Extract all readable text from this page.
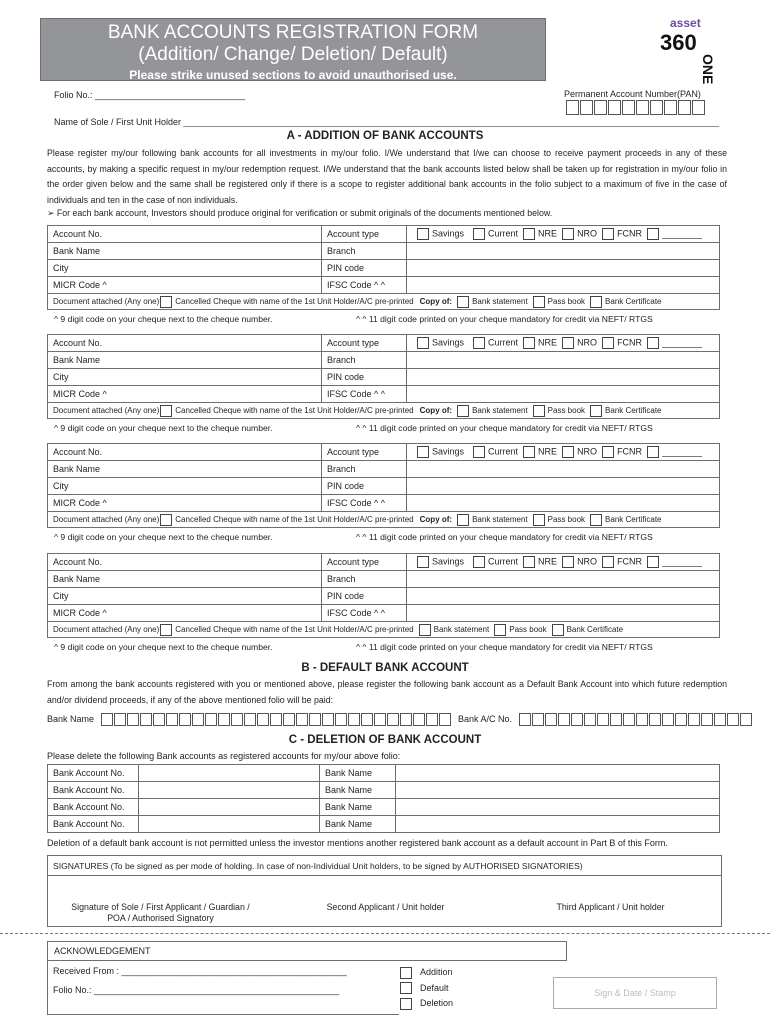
BANK ACCOUNTS REGISTRATION FORM
(Addition/ Change/ Deletion/ Default)
Please strike unused sections to avoid unauthorised use.
asset
360
ONE
Folio No.: ______________________________	Permanent Account Number(PAN)
Name of Sole / First Unit Holder ___________________________________________________________________________________________________________
A - ADDITION OF BANK ACCOUNTS
Please register my/our following bank accounts for all investments in my/our folio. I/We understand that I/we can choose to receive payment proceeds in any of these accounts, by making a specific request in my/our redemption request. I/We understand that the bank accounts listed below shall be taken up for registration in my/our folio in the order given below and the same shall be registered only if there is a scope to register additional bank accounts in the folio subject to a maximum of five in the case of individuals and ten in the case of non individuals.
➢ For each bank account, Investors should produce original for verification or submit originals of the documents mentioned below.
Account No.	Account type	Savings Current NRE NRO FCNR ________
Bank Name	Branch	
City	PIN code	
MICR Code ^	IFSC Code ^ ^	
Document attached (Any one) Cancelled Cheque with name of the 1st Unit Holder/A/C pre-printed Copy of:	Bank statement	Pass book	Bank Certificate
^ 9 digit code on your cheque next to the cheque number.	^ ^ 11 digit code printed on your cheque mandatory for credit via NEFT/ RTGS
Account No.	Account type	Savings Current NRE NRO FCNR ________
Bank Name	Branch	
City	PIN code	
MICR Code ^	IFSC Code ^ ^	
Document attached (Any one) Cancelled Cheque with name of the 1st Unit Holder/A/C pre-printed Copy of:	Bank statement	Pass book	Bank Certificate
^ 9 digit code on your cheque next to the cheque number.	^ ^ 11 digit code printed on your cheque mandatory for credit via NEFT/ RTGS
Account No.	Account type	Savings Current NRE NRO FCNR ________
Bank Name	Branch	
City	PIN code	
MICR Code ^	IFSC Code ^ ^	
Document attached (Any one) Cancelled Cheque with name of the 1st Unit Holder/A/C pre-printed Copy of:	Bank statement	Pass book	Bank Certificate
^ 9 digit code on your cheque next to the cheque number.	^ ^ 11 digit code printed on your cheque mandatory for credit via NEFT/ RTGS
Account No.	Account type	Savings Current NRE NRO FCNR ________
Bank Name	Branch	
City	PIN code	
MICR Code ^	IFSC Code ^ ^	
Document attached (Any one) Cancelled Cheque with name of the 1st Unit Holder/A/C pre-printed	Bank statement	Pass book	Bank Certificate
^ 9 digit code on your cheque next to the cheque number.	^ ^ 11 digit code printed on your cheque mandatory for credit via NEFT/ RTGS
B - DEFAULT BANK ACCOUNT
From among the bank accounts registered with you or mentioned above, please register the following bank account as a Default Bank Account into which future redemption and/or dividend proceeds, if any of the above mentioned folio will be paid:
Bank Name	Bank A/C No.
C - DELETION OF BANK ACCOUNT
Please delete the following Bank accounts as registered accounts for my/our above folio:
Bank Account No.		Bank Name	
Bank Account No.		Bank Name	
Bank Account No.		Bank Name	
Bank Account No.		Bank Name	
Deletion of a default bank account is not permitted unless the investor mentions another registered bank account as a default account in Part B of this Form.
SIGNATURES (To be signed as per mode of holding. In case of non-Individual Unit holders, to be signed by AUTHORISED SIGNATORIES)
Signature of Sole / First Applicant / Guardian /
POA / Authorised Signatory
Second Applicant / Unit holder	Third Applicant / Unit holder
ACKNOWLEDGEMENT
Received From : _____________________________________________
Folio No.: _________________________________________________
Addition
Default
Deletion
Sign & Date / Stamp
